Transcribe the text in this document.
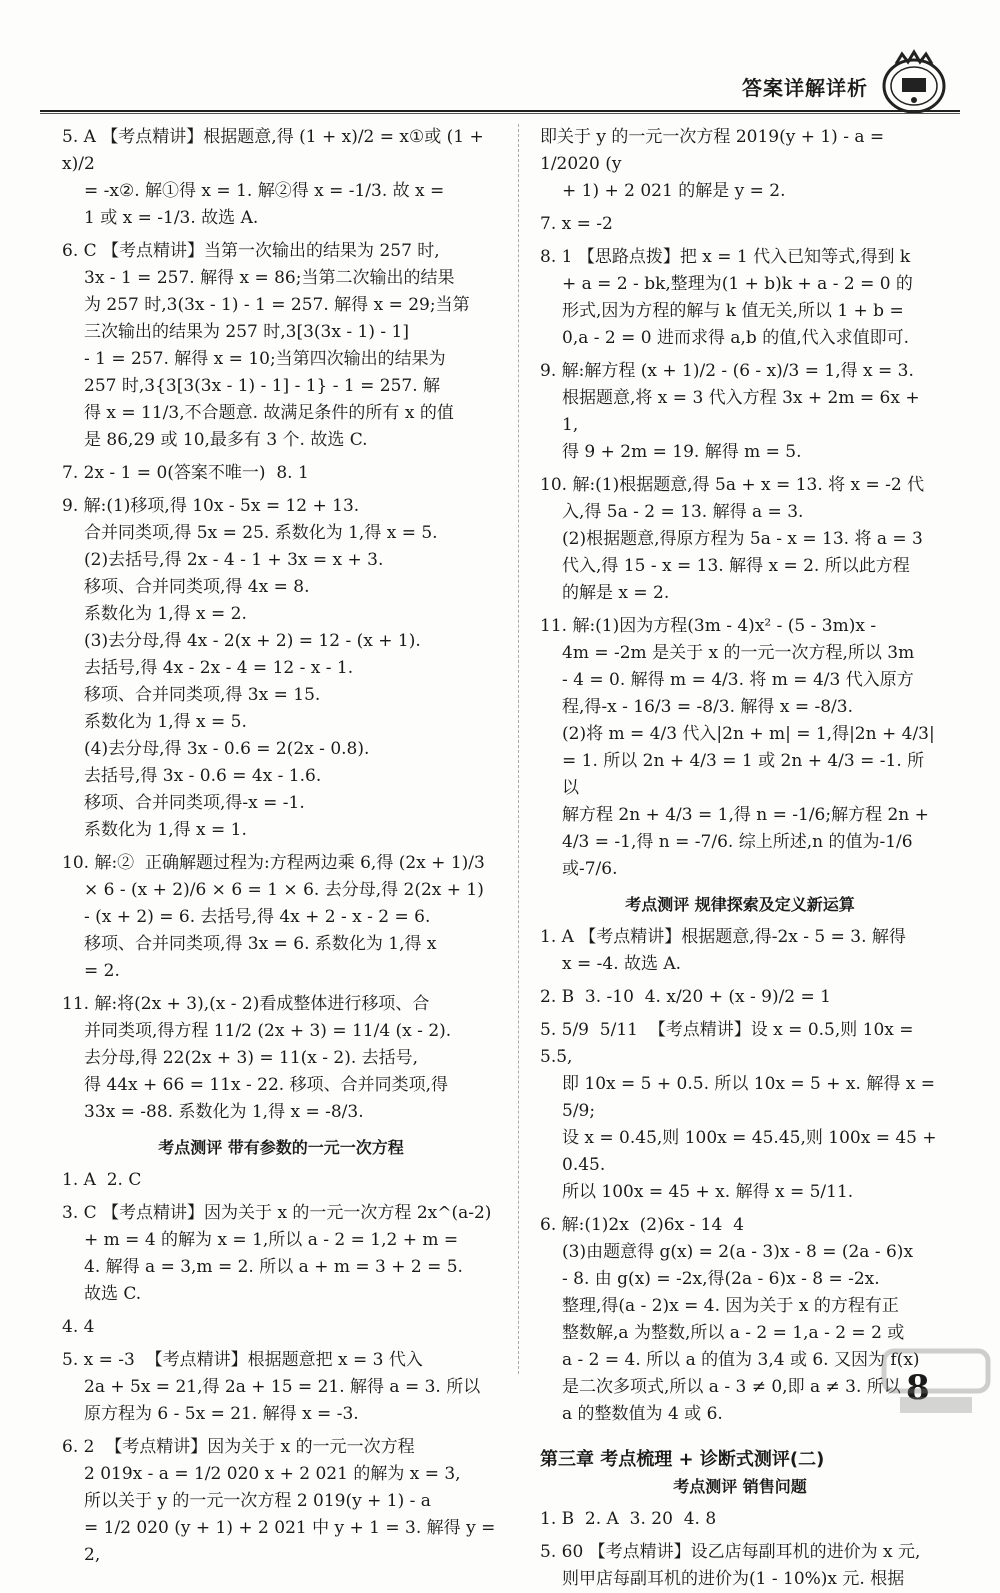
答案详解详析

5. A 【考点精讲】根据题意,得 (1 + x)/2 = x①或 (1 + x)/2

= -x②. 解①得 x = 1. 解②得 x = -1/3. 故 x =

1 或 x = -1/3. 故选 A.

6. C 【考点精讲】当第一次输出的结果为 257 时,

3x - 1 = 257. 解得 x = 86;当第二次输出的结果

为 257 时,3(3x - 1) - 1 = 257. 解得 x = 29;当第

三次输出的结果为 257 时,3[3(3x - 1) - 1]

- 1 = 257. 解得 x = 10;当第四次输出的结果为

257 时,3{3[3(3x - 1) - 1] - 1} - 1 = 257. 解

得 x = 11/3,不合题意. 故满足条件的所有 x 的值

是 86,29 或 10,最多有 3 个. 故选 C.

7. 2x - 1 = 0(答案不唯一)  8. 1

9. 解:(1)移项,得 10x - 5x = 12 + 13.

合并同类项,得 5x = 25. 系数化为 1,得 x = 5.

(2)去括号,得 2x - 4 - 1 + 3x = x + 3.

移项、合并同类项,得 4x = 8.

系数化为 1,得 x = 2.

(3)去分母,得 4x - 2(x + 2) = 12 - (x + 1).

去括号,得 4x - 2x - 4 = 12 - x - 1.

移项、合并同类项,得 3x = 15.

系数化为 1,得 x = 5.

(4)去分母,得 3x - 0.6 = 2(2x - 0.8).

去括号,得 3x - 0.6 = 4x - 1.6.

移项、合并同类项,得-x = -1.

系数化为 1,得 x = 1.

10. 解:②  正确解题过程为:方程两边乘 6,得 (2x + 1)/3

× 6 - (x + 2)/6 × 6 = 1 × 6. 去分母,得 2(2x + 1)

- (x + 2) = 6. 去括号,得 4x + 2 - x - 2 = 6.

移项、合并同类项,得 3x = 6. 系数化为 1,得 x

= 2.

11. 解:将(2x + 3),(x - 2)看成整体进行移项、合

并同类项,得方程 11/2 (2x + 3) = 11/4 (x - 2).

去分母,得 22(2x + 3) = 11(x - 2). 去括号,

得 44x + 66 = 11x - 22. 移项、合并同类项,得

33x = -88. 系数化为 1,得 x = -8/3.

考点测评 带有参数的一元一次方程

1. A  2. C

3. C 【考点精讲】因为关于 x 的一元一次方程 2x^(a-2)

+ m = 4 的解为 x = 1,所以 a - 2 = 1,2 + m =

4. 解得 a = 3,m = 2. 所以 a + m = 3 + 2 = 5.

故选 C.

4. 4

5. x = -3  【考点精讲】根据题意把 x = 3 代入

2a + 5x = 21,得 2a + 15 = 21. 解得 a = 3. 所以

原方程为 6 - 5x = 21. 解得 x = -3.

6. 2  【考点精讲】因为关于 x 的一元一次方程

2 019x - a = 1/2 020 x + 2 021 的解为 x = 3,

所以关于 y 的一元一次方程 2 019(y + 1) - a

= 1/2 020 (y + 1) + 2 021 中 y + 1 = 3. 解得 y = 2,

即关于 y 的一元一次方程 2019(y + 1) - a = 1/2020 (y

+ 1) + 2 021 的解是 y = 2.

7. x = -2

8. 1 【思路点拨】把 x = 1 代入已知等式,得到 k

+ a = 2 - bk,整理为(1 + b)k + a - 2 = 0 的

形式,因为方程的解与 k 值无关,所以 1 + b =

0,a - 2 = 0 进而求得 a,b 的值,代入求值即可.

9. 解:解方程 (x + 1)/2 - (6 - x)/3 = 1,得 x = 3.

根据题意,将 x = 3 代入方程 3x + 2m = 6x + 1,

得 9 + 2m = 19. 解得 m = 5.

10. 解:(1)根据题意,得 5a + x = 13. 将 x = -2 代

入,得 5a - 2 = 13. 解得 a = 3.

(2)根据题意,得原方程为 5a - x = 13. 将 a = 3

代入,得 15 - x = 13. 解得 x = 2. 所以此方程

的解是 x = 2.

11. 解:(1)因为方程(3m - 4)x² - (5 - 3m)x -

4m = -2m 是关于 x 的一元一次方程,所以 3m

- 4 = 0. 解得 m = 4/3. 将 m = 4/3 代入原方

程,得-x - 16/3 = -8/3. 解得 x = -8/3.

(2)将 m = 4/3 代入|2n + m| = 1,得|2n + 4/3|

= 1. 所以 2n + 4/3 = 1 或 2n + 4/3 = -1. 所以

解方程 2n + 4/3 = 1,得 n = -1/6;解方程 2n +

4/3 = -1,得 n = -7/6. 综上所述,n 的值为-1/6

或-7/6.

考点测评 规律探索及定义新运算

1. A 【考点精讲】根据题意,得-2x - 5 = 3. 解得

x = -4. 故选 A.

2. B  3. -10  4. x/20 + (x - 9)/2 = 1

5. 5/9  5/11  【考点精讲】设 x = 0.5̇,则 10x = 5.5̇,

即 10x = 5 + 0.5̇. 所以 10x = 5 + x. 解得 x = 5/9;

设 x = 0.4̇5̇,则 100x = 45.4̇5̇,则 100x = 45 + 0.4̇5̇.

所以 100x = 45 + x. 解得 x = 5/11.

6. 解:(1)2x  (2)6x - 14  4

(3)由题意得 g(x) = 2(a - 3)x - 8 = (2a - 6)x

- 8. 由 g(x) = -2x,得(2a - 6)x - 8 = -2x.

整理,得(a - 2)x = 4. 因为关于 x 的方程有正

整数解,a 为整数,所以 a - 2 = 1,a - 2 = 2 或

a - 2 = 4. 所以 a 的值为 3,4 或 6. 又因为 f(x)

是二次多项式,所以 a - 3 ≠ 0,即 a ≠ 3. 所以

a 的整数值为 4 或 6.

第三章 考点梳理 + 诊断式测评(二)
考点测评 销售问题

1. B  2. A  3. 20  4. 8

5. 60 【考点精讲】设乙店每副耳机的进价为 x 元,

则甲店每副耳机的进价为(1 - 10%)x 元. 根据

8
